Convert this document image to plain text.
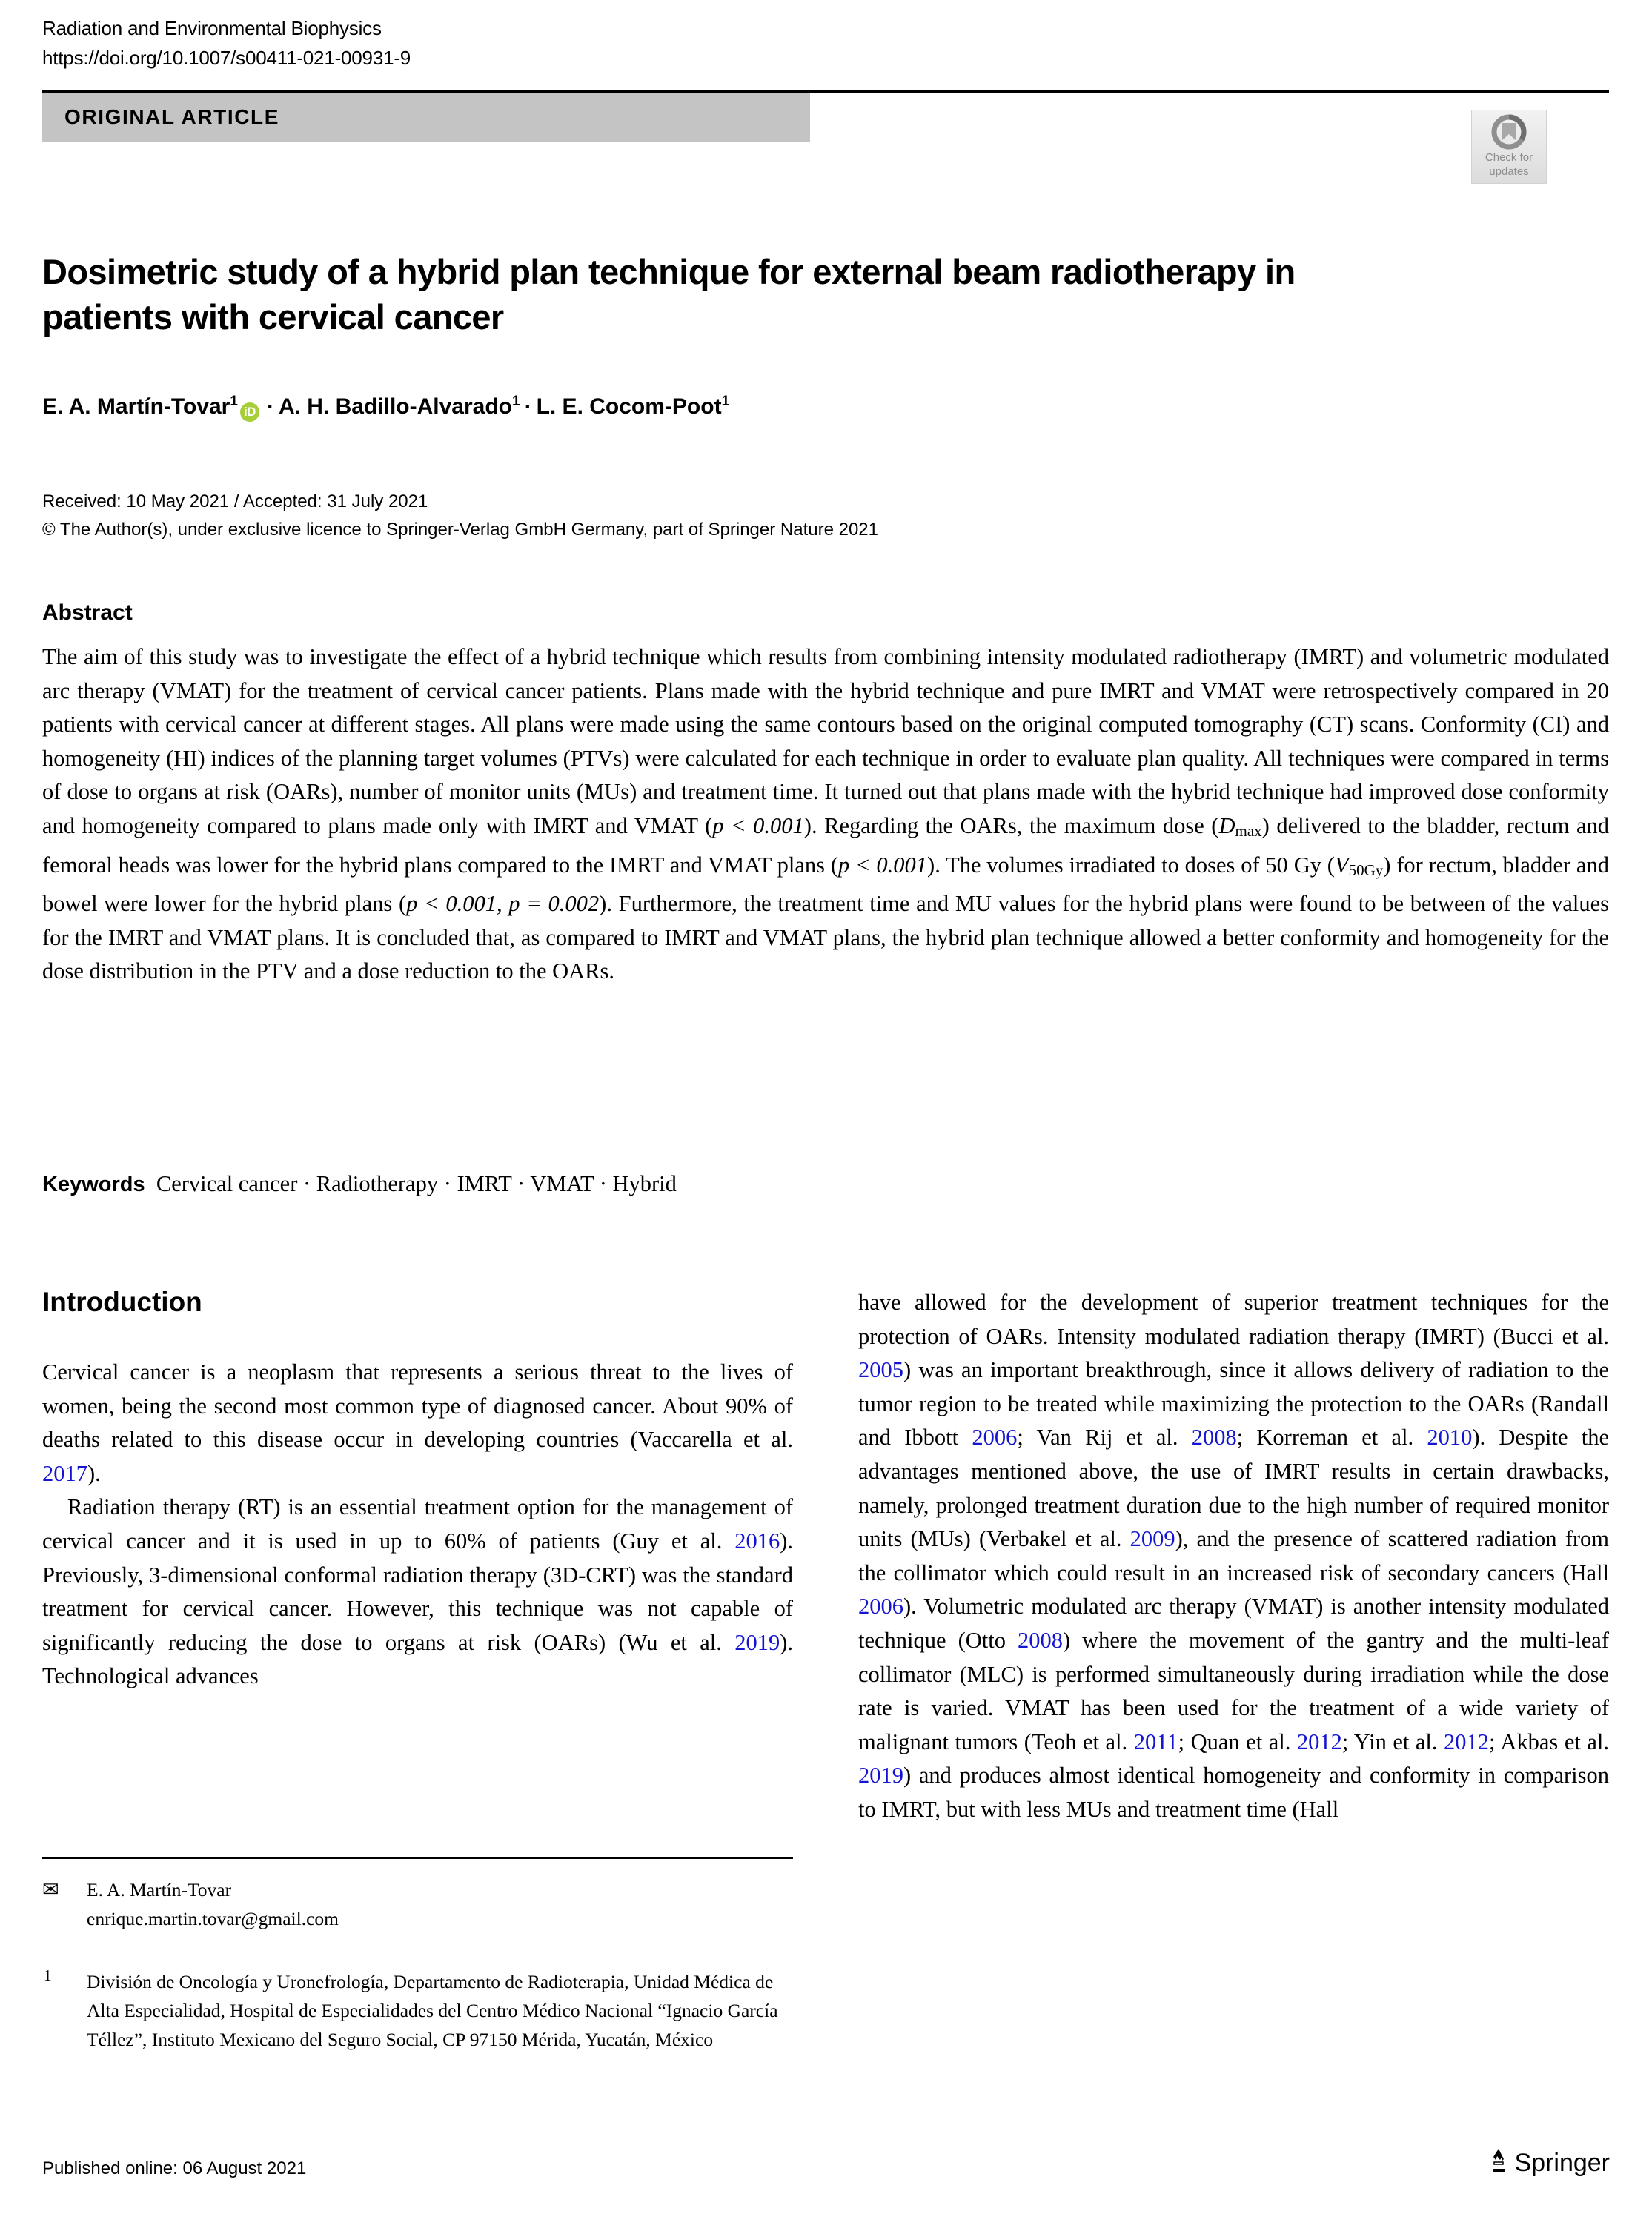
Radiation and Environmental Biophysics
https://doi.org/10.1007/s00411-021-00931-9
ORIGINAL ARTICLE
Check for
updates
Dosimetric study of a hybrid plan technique for external beam radiotherapy in patients with cervical cancer
E. A. Martín-Tovar$^1$iD · A. H. Badillo-Alvarado$^1$ · L. E. Cocom-Poot$^1$
Received: 10 May 2021 / Accepted: 31 July 2021
© The Author(s), under exclusive licence to Springer-Verlag GmbH Germany, part of Springer Nature 2021
Abstract
The aim of this study was to investigate the effect of a hybrid technique which results from combining intensity modulated radiotherapy (IMRT) and volumetric modulated arc therapy (VMAT) for the treatment of cervical cancer patients. Plans made with the hybrid technique and pure IMRT and VMAT were retrospectively compared in 20 patients with cervical cancer at different stages. All plans were made using the same contours based on the original computed tomography (CT) scans. Conformity (CI) and homogeneity (HI) indices of the planning target volumes (PTVs) were calculated for each technique in order to evaluate plan quality. All techniques were compared in terms of dose to organs at risk (OARs), number of monitor units (MUs) and treatment time. It turned out that plans made with the hybrid technique had improved dose conformity and homogeneity compared to plans made only with IMRT and VMAT (p < 0.001). Regarding the OARs, the maximum dose $(D_{max})$ delivered to the bladder, rectum and femoral heads was lower for the hybrid plans compared to the IMRT and VMAT plans (p < 0.001). The volumes irradiated to doses of 50 Gy $(V_{50Gy})$ for rectum, bladder and bowel were lower for the hybrid plans (p < 0.001, p = 0.002). Furthermore, the treatment time and MU values for the hybrid plans were found to be between of the values for the IMRT and VMAT plans. It is concluded that, as compared to IMRT and VMAT plans, the hybrid plan technique allowed a better conformity and homogeneity for the dose distribution in the PTV and a dose reduction to the OARs.
Keywords Cervical cancer · Radiotherapy · IMRT · VMAT · Hybrid
Introduction

Cervical cancer is a neoplasm that represents a serious threat to the lives of women, being the second most common type of diagnosed cancer. About 90% of deaths related to this disease occur in developing countries (Vaccarella et al. 2017).

Radiation therapy (RT) is an essential treatment option for the management of cervical cancer and it is used in up to 60% of patients (Guy et al. 2016). Previously, 3-dimensional conformal radiation therapy (3D-CRT) was the standard treatment for cervical cancer. However, this technique was not capable of significantly reducing the dose to organs at risk (OARs) (Wu et al. 2019). Technological advances

have allowed for the development of superior treatment techniques for the protection of OARs. Intensity modulated radiation therapy (IMRT) (Bucci et al. 2005) was an important breakthrough, since it allows delivery of radiation to the tumor region to be treated while maximizing the protection to the OARs (Randall and Ibbott 2006; Van Rij et al. 2008; Korreman et al. 2010). Despite the advantages mentioned above, the use of IMRT results in certain drawbacks, namely, prolonged treatment duration due to the high number of required monitor units (MUs) (Verbakel et al. 2009), and the presence of scattered radiation from the collimator which could result in an increased risk of secondary cancers (Hall 2006). Volumetric modulated arc therapy (VMAT) is another intensity modulated technique (Otto 2008) where the movement of the gantry and the multi-leaf collimator (MLC) is performed simultaneously during irradiation while the dose rate is varied. VMAT has been used for the treatment of a wide variety of malignant tumors (Teoh et al. 2011; Quan et al. 2012; Yin et al. 2012; Akbas et al. 2019) and produces almost identical homogeneity and conformity in comparison to IMRT, but with less MUs and treatment time (Hall

✉ E. A. Martín-Tovar
enrique.martin.tovar@gmail.com
1 División de Oncología y Uronefrología, Departamento de Radioterapia, Unidad Médica de Alta Especialidad, Hospital de Especialidades del Centro Médico Nacional “Ignacio García Téllez”, Instituto Mexicano del Seguro Social, CP 97150 Mérida, Yucatán, México
Published online: 06 August 2021	Springer
